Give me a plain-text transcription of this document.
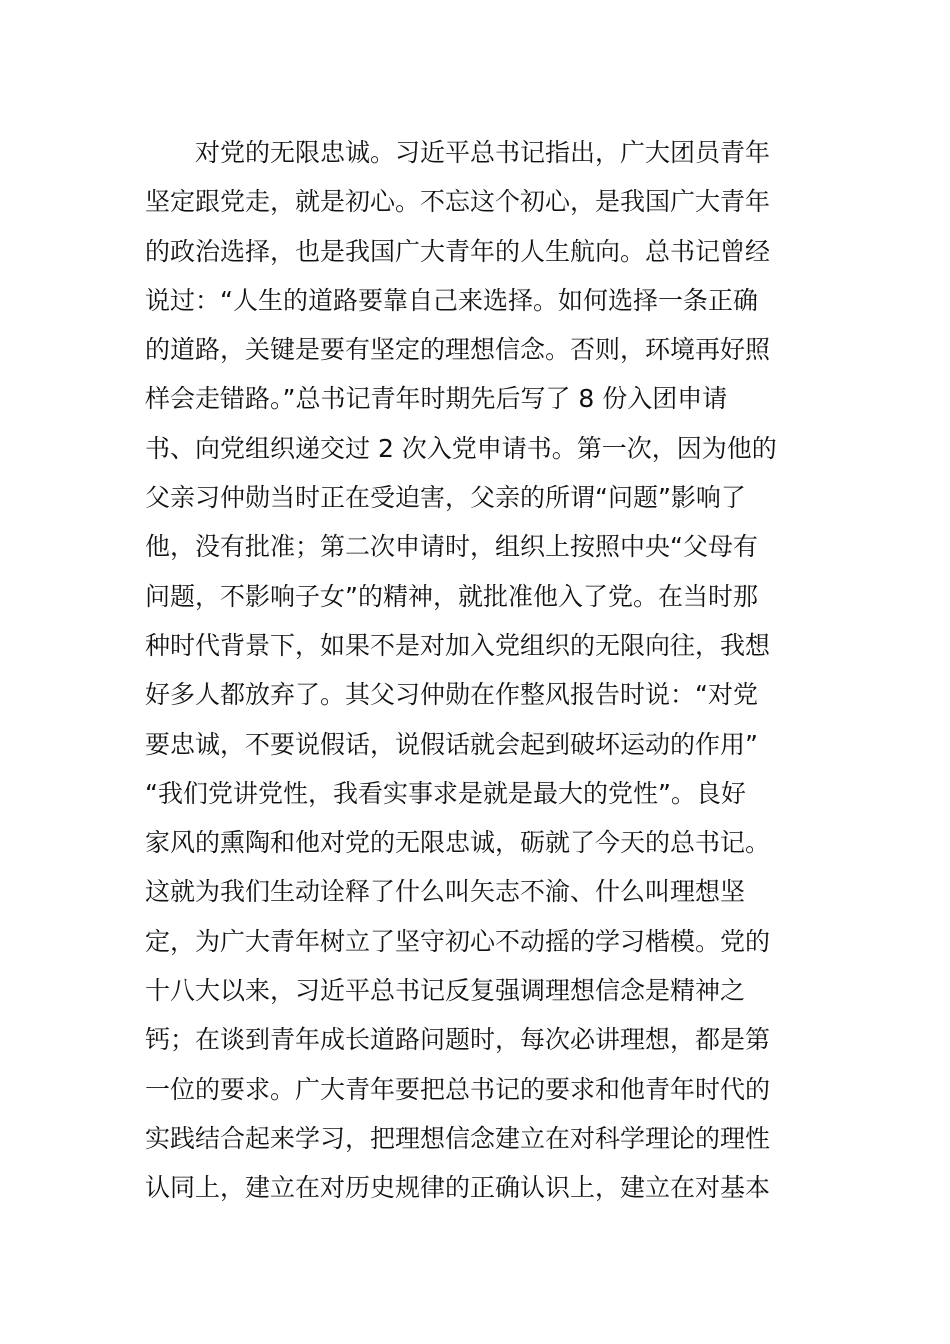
对党的无限忠诚。习近平总书记指出，广大团员青年
坚定跟党走，就是初心。不忘这个初心，是我国广大青年
的政治选择，也是我国广大青年的人生航向。总书记曾经
说过：“人生的道路要靠自己来选择。如何选择一条正确
的道路，关键是要有坚定的理想信念。否则，环境再好照
样会走错路。”总书记青年时期先后写了 8 份入团申请
书、向党组织递交过 2 次入党申请书。第一次，因为他的
父亲习仲勋当时正在受迫害，父亲的所谓“问题”影响了
他，没有批准；第二次申请时，组织上按照中央“父母有
问题，不影响子女”的精神，就批准他入了党。在当时那
种时代背景下，如果不是对加入党组织的无限向往，我想
好多人都放弃了。其父习仲勋在作整风报告时说：“对党
要忠诚，不要说假话，说假话就会起到破坏运动的作用”
“我们党讲党性，我看实事求是就是最大的党性”。良好
家风的熏陶和他对党的无限忠诚，砺就了今天的总书记。
这就为我们生动诠释了什么叫矢志不渝、什么叫理想坚
定，为广大青年树立了坚守初心不动摇的学习楷模。党的
十八大以来，习近平总书记反复强调理想信念是精神之
钙；在谈到青年成长道路问题时，每次必讲理想，都是第
一位的要求。广大青年要把总书记的要求和他青年时代的
实践结合起来学习，把理想信念建立在对科学理论的理性
认同上，建立在对历史规律的正确认识上，建立在对基本
